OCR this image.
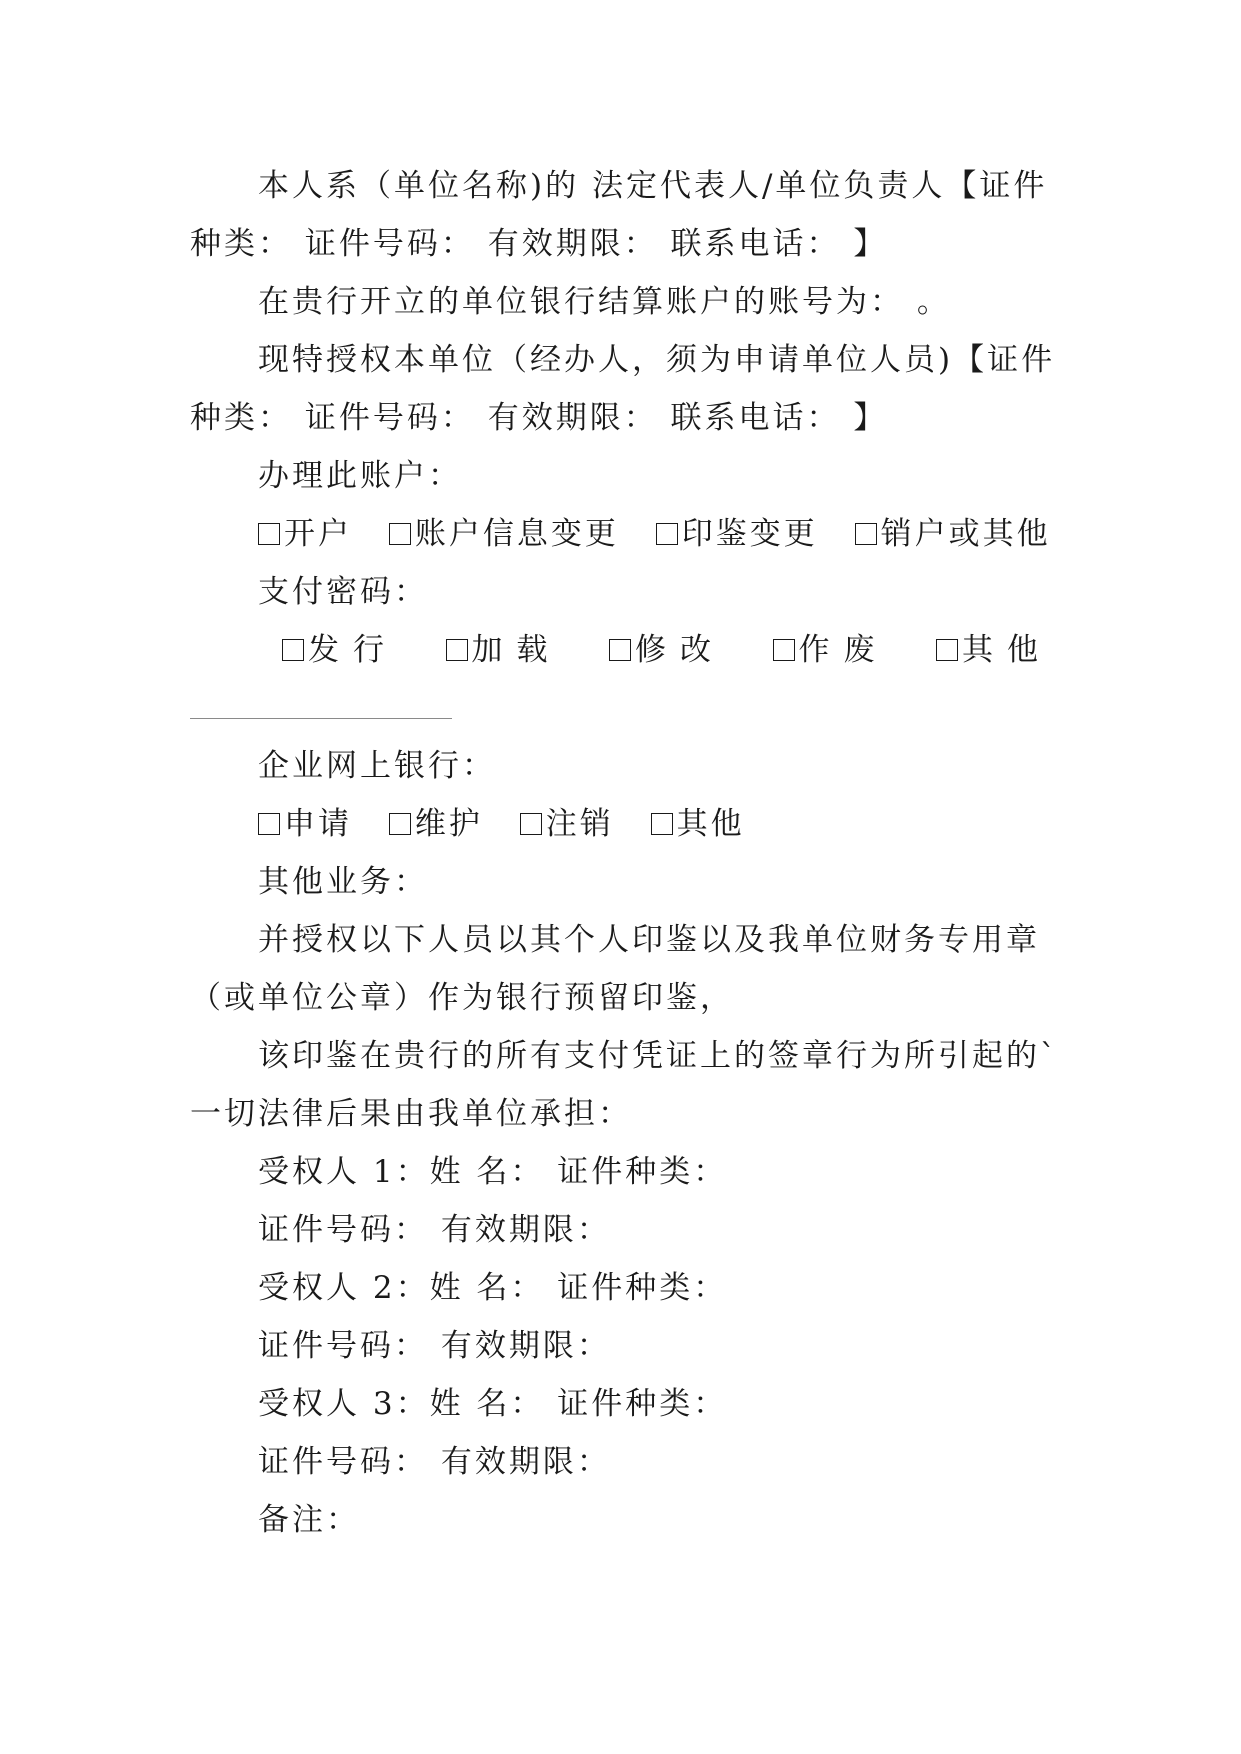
本人系（单位名称)的 法定代表人/单位负责人【证件
种类： 证件号码： 有效期限： 联系电话： 】
在贵行开立的单位银行结算账户的账号为： 。
现特授权本单位（经办人，须为申请单位人员)【证件
种类： 证件号码： 有效期限： 联系电话： 】
办理此账户：
开户 账户信息变更 印鉴变更 销户或其他
支付密码：
发行	加载	修改	作废	其他
企业网上银行：
申请 维护 注销 其他
其他业务：
并授权以下人员以其个人印鉴以及我单位财务专用章
（或单位公章）作为银行预留印鉴，
该印鉴在贵行的所有支付凭证上的签章行为所引起的`
一切法律后果由我单位承担：
受权人 1：姓 名： 证件种类：
证件号码： 有效期限：
受权人 2：姓 名： 证件种类：
证件号码： 有效期限：
受权人 3：姓 名： 证件种类：
证件号码： 有效期限：
备注：
